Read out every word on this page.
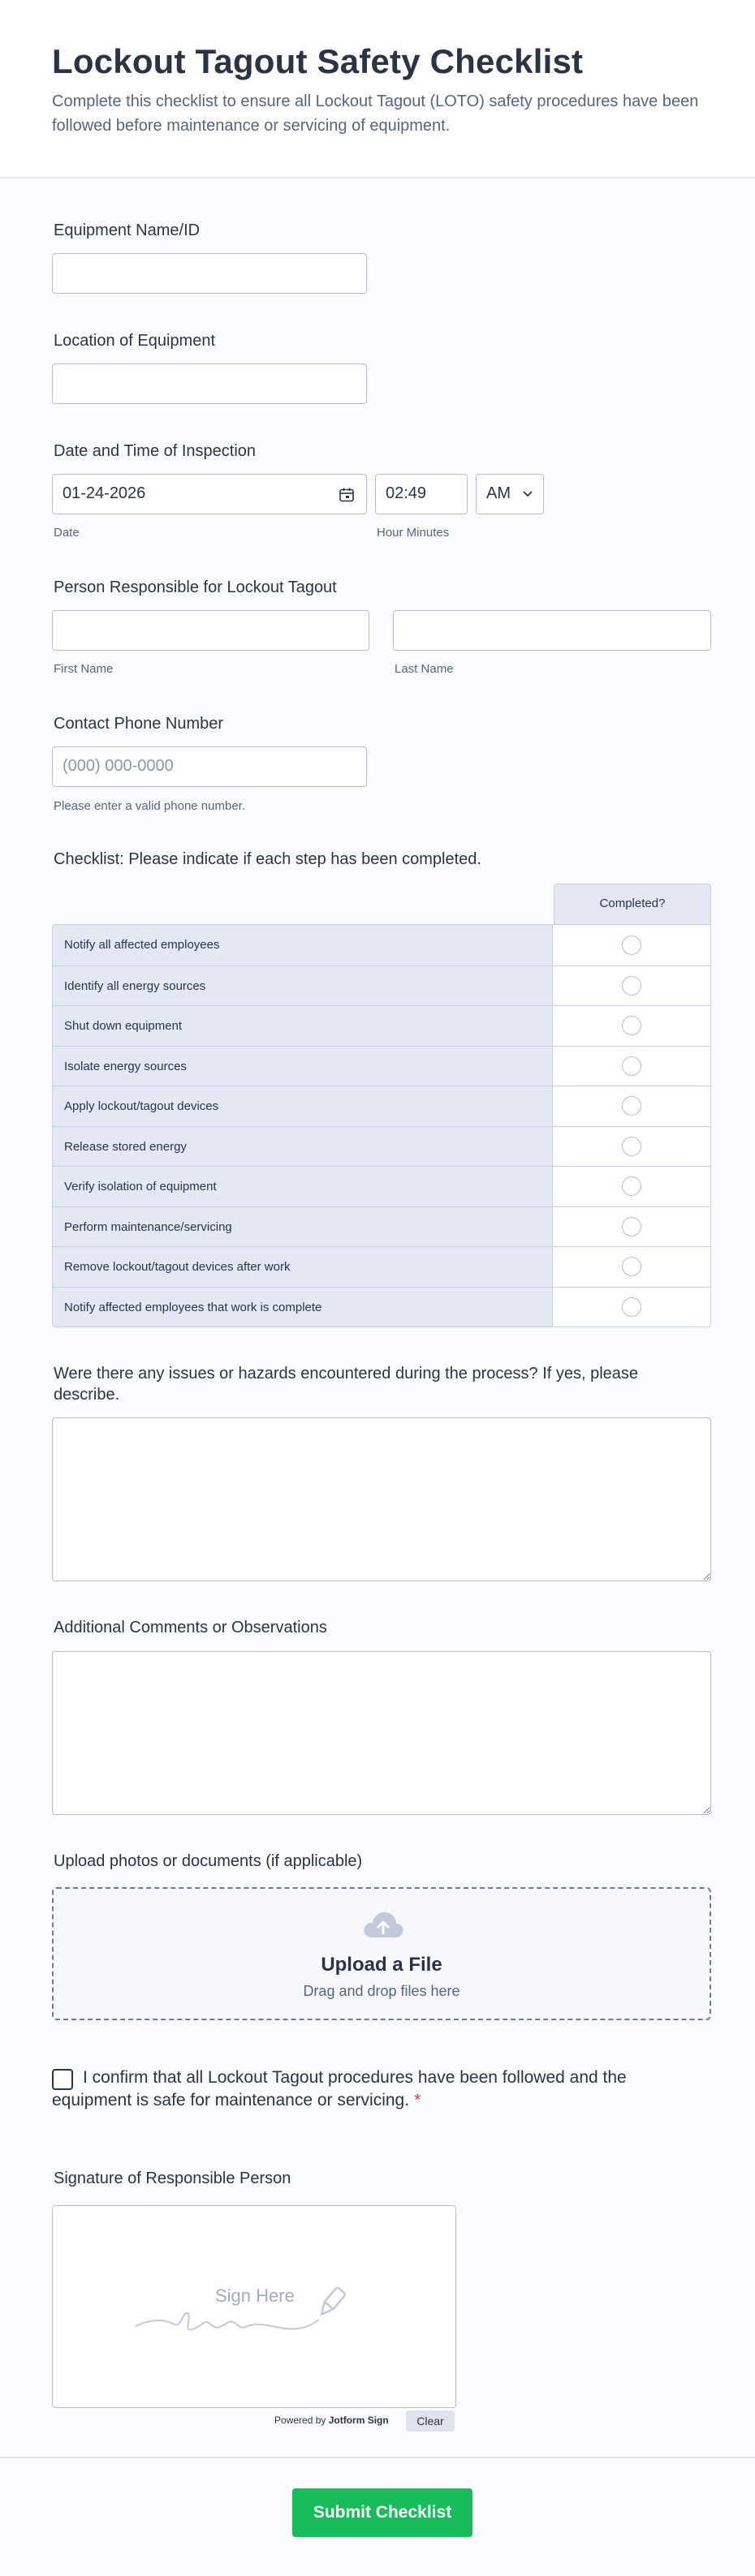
Lockout Tagout Safety Checklist

Complete this checklist to ensure all Lockout Tagout (LOTO) safety procedures have been followed before maintenance or servicing of equipment.

Equipment Name/ID
Location of Equipment
Date and Time of Inspection
01-24-2026	02:49	AM
Date	Hour Minutes
Person Responsible for Lockout Tagout
First Name	Last Name
Contact Phone Number
(000) 000-0000
Please enter a valid phone number.
Checklist: Please indicate if each step has been completed.
Completed?
Notify all affected employees
Identify all energy sources
Shut down equipment
Isolate energy sources
Apply lockout/tagout devices
Release stored energy
Verify isolation of equipment
Perform maintenance/servicing
Remove lockout/tagout devices after work
Notify affected employees that work is complete
Were there any issues or hazards encountered during the process? If yes, please describe.
Additional Comments or Observations
Upload photos or documents (if applicable)
Upload a File
Drag and drop files here
I confirm that all Lockout Tagout procedures have been followed and the equipment is safe for maintenance or servicing. *
Signature of Responsible Person
Sign Here
Powered by Jotform Sign	Clear
Submit Checklist
